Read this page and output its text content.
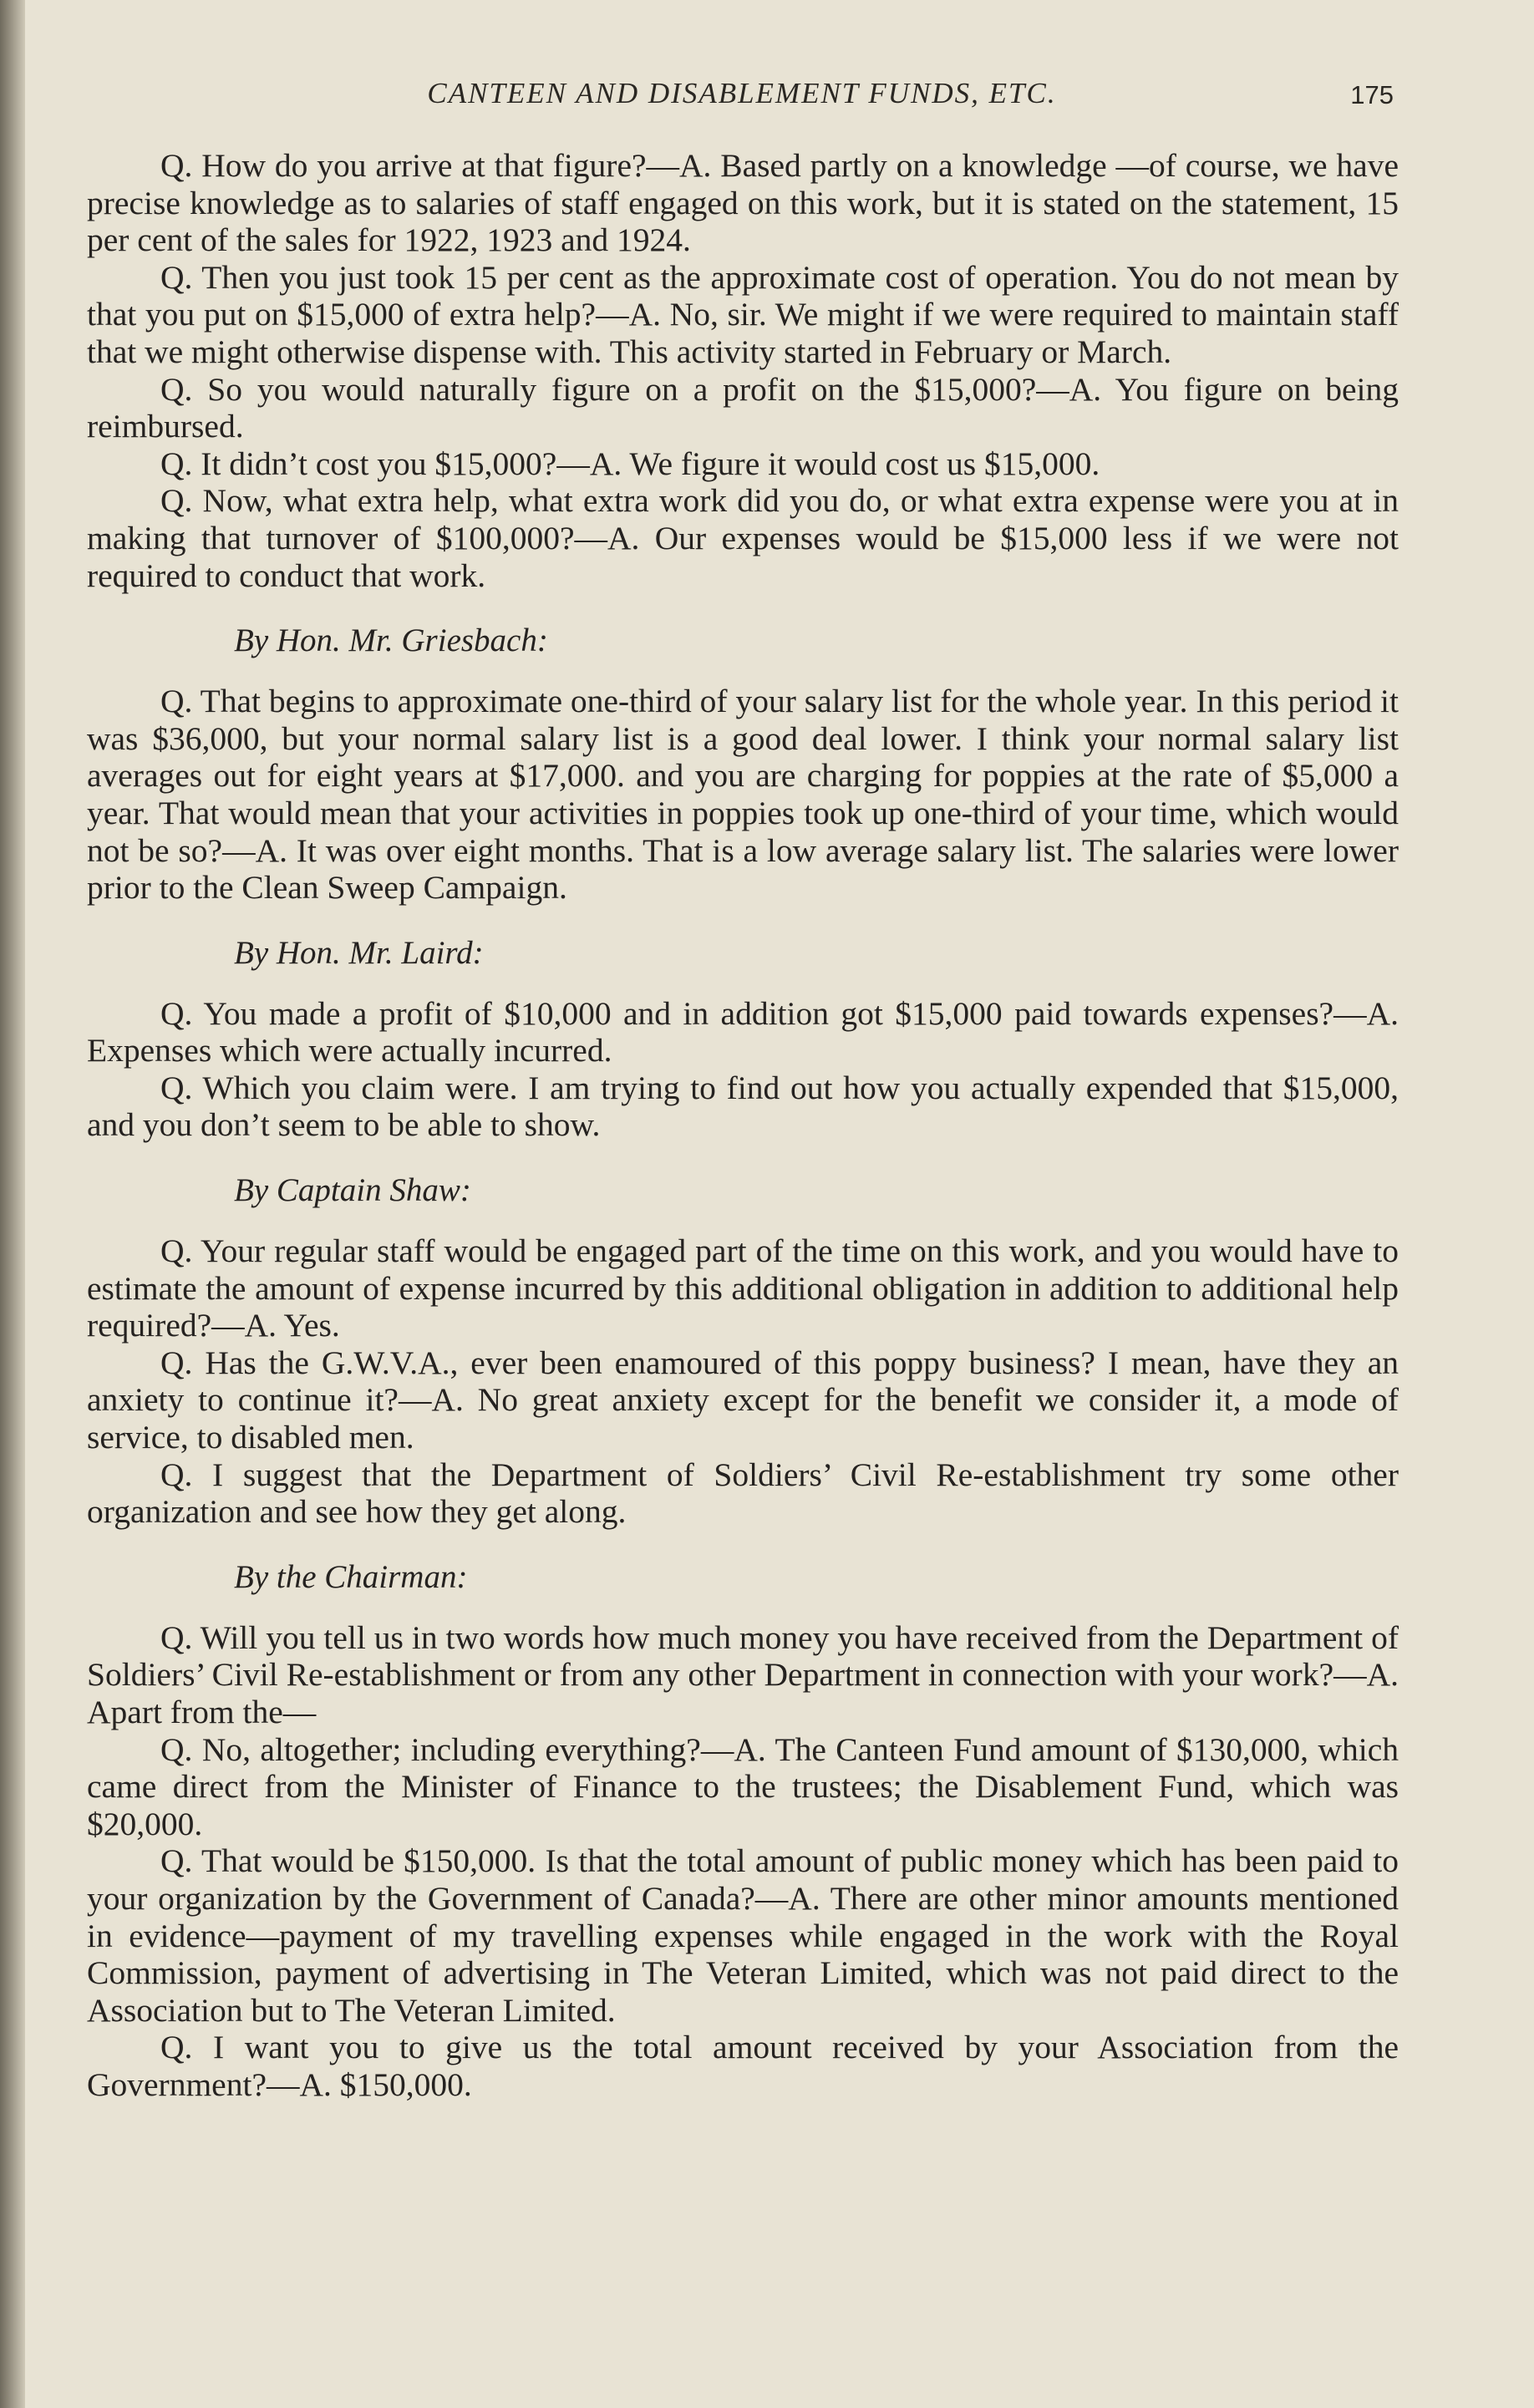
CANTEEN AND DISABLEMENT FUNDS, ETC.	175

Q. How do you arrive at that figure?—A. Based partly on a knowledge —of course, we have precise knowledge as to salaries of staff engaged on this work, but it is stated on the statement, 15 per cent of the sales for 1922, 1923 and 1924.

Q. Then you just took 15 per cent as the approximate cost of operation. You do not mean by that you put on $15,000 of extra help?—A. No, sir. We might if we were required to maintain staff that we might otherwise dispense with. This activity started in February or March.

Q. So you would naturally figure on a profit on the $15,000?—A. You figure on being reimbursed.

Q. It didn’t cost you $15,000?—A. We figure it would cost us $15,000.

Q. Now, what extra help, what extra work did you do, or what extra expense were you at in making that turnover of $100,000?—A. Our expenses would be $15,000 less if we were not required to conduct that work.

By Hon. Mr. Griesbach:

Q. That begins to approximate one-third of your salary list for the whole year. In this period it was $36,000, but your normal salary list is a good deal lower. I think your normal salary list averages out for eight years at $17,000. and you are charging for poppies at the rate of $5,000 a year. That would mean that your activities in poppies took up one-third of your time, which would not be so?—A. It was over eight months. That is a low average salary list. The salaries were lower prior to the Clean Sweep Campaign.

By Hon. Mr. Laird:

Q. You made a profit of $10,000 and in addition got $15,000 paid towards expenses?—A. Expenses which were actually incurred.

Q. Which you claim were. I am trying to find out how you actually expended that $15,000, and you don’t seem to be able to show.

By Captain Shaw:

Q. Your regular staff would be engaged part of the time on this work, and you would have to estimate the amount of expense incurred by this additional obligation in addition to additional help required?—A. Yes.

Q. Has the G.W.V.A., ever been enamoured of this poppy business? I mean, have they an anxiety to continue it?—A. No great anxiety except for the benefit we consider it, a mode of service, to disabled men.

Q. I suggest that the Department of Soldiers’ Civil Re-establishment try some other organization and see how they get along.

By the Chairman:

Q. Will you tell us in two words how much money you have received from the Department of Soldiers’ Civil Re-establishment or from any other Department in connection with your work?—A. Apart from the—

Q. No, altogether; including everything?—A. The Canteen Fund amount of $130,000, which came direct from the Minister of Finance to the trustees; the Disablement Fund, which was $20,000.

Q. That would be $150,000. Is that the total amount of public money which has been paid to your organization by the Government of Canada?—A. There are other minor amounts mentioned in evidence—payment of my travelling expenses while engaged in the work with the Royal Commission, payment of advertising in The Veteran Limited, which was not paid direct to the Association but to The Veteran Limited.

Q. I want you to give us the total amount received by your Association from the Government?—A. $150,000.
